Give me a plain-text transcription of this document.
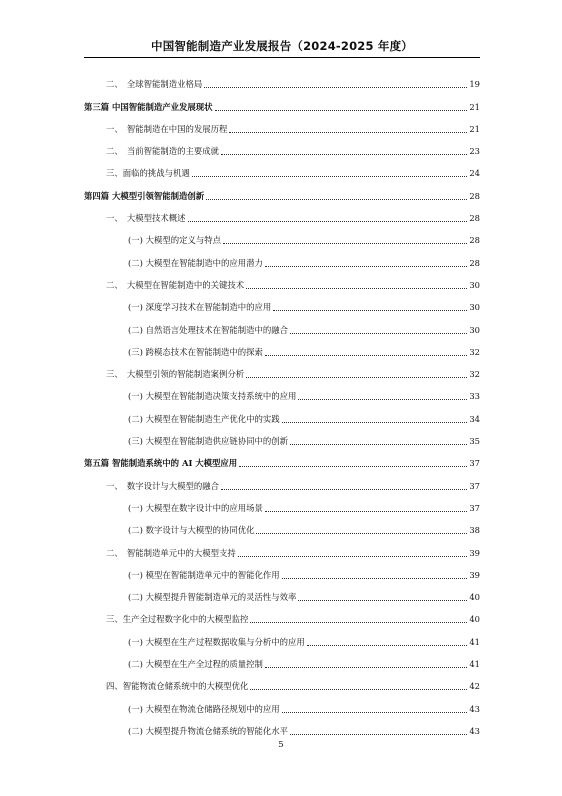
中国智能制造产业发展报告（2024-2025 年度）
二、　全球智能制造业格局	19
第三篇 中国智能制造产业发展现状	21
一、　智能制造在中国的发展历程	21
二、　当前智能制造的主要成就	23
三、面临的挑战与机遇	24
第四篇 大模型引领智能制造创新	28
一、　大模型技术概述	28
(一) 大模型的定义与特点	28
(二) 大模型在智能制造中的应用潜力	28
二、　大模型在智能制造中的关键技术	30
(一) 深度学习技术在智能制造中的应用	30
(二) 自然语言处理技术在智能制造中的融合	30
(三) 跨模态技术在智能制造中的探索	32
三、　大模型引领的智能制造案例分析	32
(一) 大模型在智能制造决策支持系统中的应用	33
(二) 大模型在智能制造生产优化中的实践	34
(三) 大模型在智能制造供应链协同中的创新	35
第五篇 智能制造系统中的 AI 大模型应用	37
一、　数字设计与大模型的融合	37
(一) 大模型在数字设计中的应用场景	37
(二) 数字设计与大模型的协同优化	38
二、　智能制造单元中的大模型支持	39
(一) 模型在智能制造单元中的智能化作用	39
(二) 大模型提升智能制造单元的灵活性与效率	40
三、生产全过程数字化中的大模型监控	40
(一) 大模型在生产过程数据收集与分析中的应用	41
(二) 大模型在生产全过程的质量控制	41
四、智能物流仓储系统中的大模型优化	42
(一) 大模型在物流仓储路径规划中的应用	43
(二) 大模型提升物流仓储系统的智能化水平	43
5
